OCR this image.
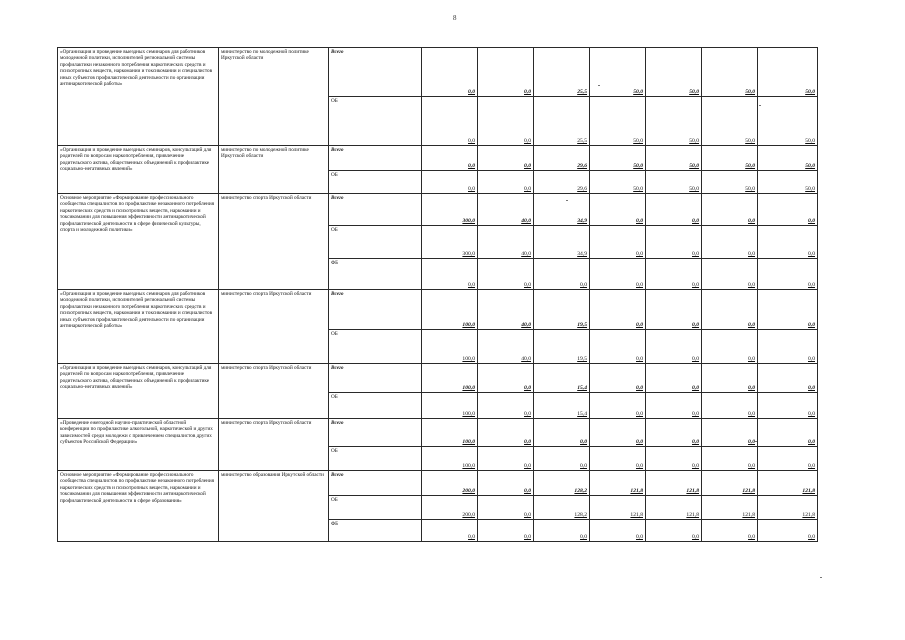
8
«Организация и проведение выездных семинаров для работников молодежной политики, исполнителей региональной системы профилактики незаконного потребления наркотических средств и психотропных веществ, наркомании и токсикомании и специалистов иных субъектов профилактической деятельности по организации антинаркотической работы»	министерство по молодежной политике Иркутской области	Всего	0,0	0,0	25,5	50,0	50,0	50,0	50,0
		ОБ	0,0	0,0	25,5	50,0	50,0	50,0	50,0
«Организация и проведение выездных семинаров, консультаций для родителей по вопросам наркопотребления, привлечение родительского актива, общественных объединений к профилактике социально-негативных явлений»	министерство по молодежной политике Иркутской области	Всего	0,0	0,0	29,6	50,0	50,0	50,0	50,0
		ОБ	0,0	0,0	29,6	50,0	50,0	50,0	50,0
Основное мероприятие «Формирование профессионального сообщества специалистов по профилактике незаконного потребления наркотических средств и психотропных веществ, наркомании и токсикомании для повышения эффективности антинаркотической профилактической деятельности в сфере физической культуры, спорта и молодежной политики»	министерство спорта Иркутской области	Всего	300,0	40,0	34,9	0,0	0,0	0,0	0,0
		ОБ	300,0	40,0	34,9	0,0	0,0	0,0	0,0
		ФБ	0,0	0,0	0,0	0,0	0,0	0,0	0,0
«Организация и проведение выездных семинаров для работников молодежной политики, исполнителей региональной системы профилактики незаконного потребления наркотических средств и психотропных веществ, наркомании и токсикомании и специалистов иных субъектов профилактической деятельности по организации антинаркотической работы»	министерство спорта Иркутской области	Всего	100,0	40,0	19,5	0,0	0,0	0,0	0,0
		ОБ	100,0	40,0	19,5	0,0	0,0	0,0	0,0
«Организация и проведение выездных семинаров, консультаций для родителей по вопросам наркопотребления, привлечение родительского актива, общественных объединений к профилактике социально-негативных явлений»	министерство спорта Иркутской области	Всего	100,0	0,0	15,4	0,0	0,0	0,0	0,0
		ОБ	100,0	0,0	15,4	0,0	0,0	0,0	0,0
«Проведение ежегодной научно-практической областной конференции по профилактике алкогольной, наркотической и других зависимостей среди молодежи с привлечением специалистов других субъектов Российской Федерации»	министерство спорта Иркутской области	Всего	100,0	0,0	0,0	0,0	0,0	0,0	0,0
		ОБ	100,0	0,0	0,0	0,0	0,0	0,0	0,0
Основное мероприятие «Формирование профессионального сообщества специалистов по профилактике незаконного потребления наркотических средств и психотропных веществ, наркомании и токсикомании для повышения эффективности антинаркотической профилактической деятельности в сфере образования»	министерство образования Иркутской области	Всего	200,0	0,0	128,2	121,8	121,8	121,8	121,8
		ОБ	200,0	0,0	128,2	121,8	121,8	121,8	121,8
		ФБ	0,0	0,0	0,0	0,0	0,0	0,0	0,0
